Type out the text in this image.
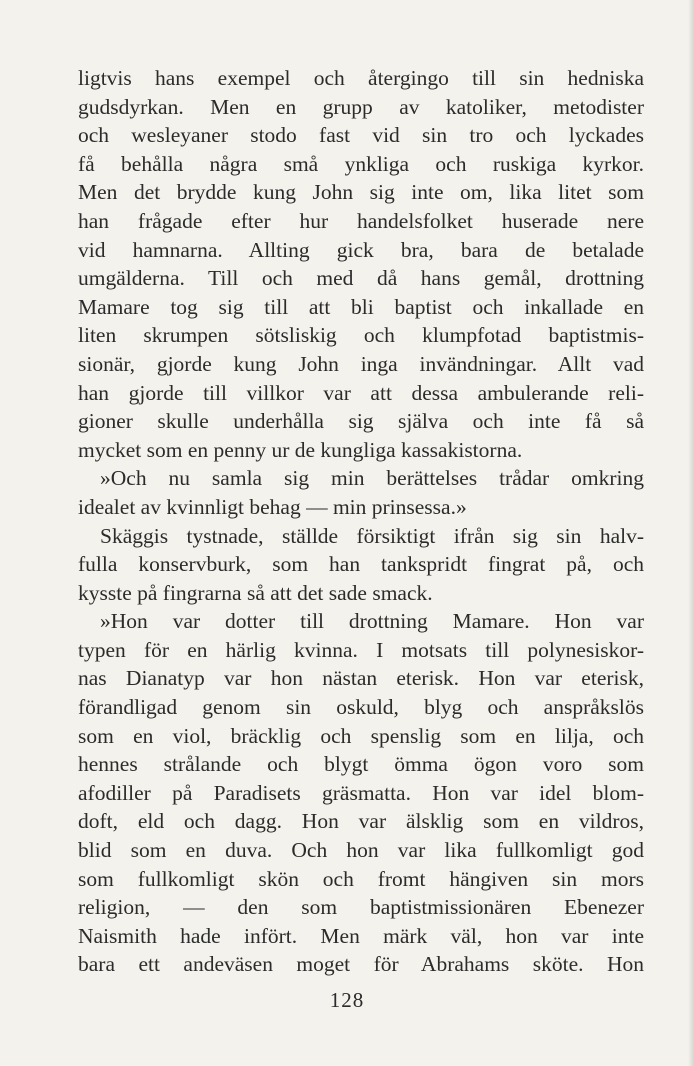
ligtvis hans exempel och återgingo till sin hedniska
gudsdyrkan. Men en grupp av katoliker, metodister
och wesleyaner stodo fast vid sin tro och lyckades
få behålla några små ynkliga och ruskiga kyrkor.
Men det brydde kung John sig inte om, lika litet som
han frågade efter hur handelsfolket huserade nere
vid hamnarna. Allting gick bra, bara de betalade
umgälderna. Till och med då hans gemål, drottning
Mamare tog sig till att bli baptist och inkallade en
liten skrumpen sötsliskig och klumpfotad baptistmis-
sionär, gjorde kung John inga invändningar. Allt vad
han gjorde till villkor var att dessa ambulerande reli-
gioner skulle underhålla sig själva och inte få så
mycket som en penny ur de kungliga kassakistorna.
»Och nu samla sig min berättelses trådar omkring
idealet av kvinnligt behag — min prinsessa.»
Skäggis tystnade, ställde försiktigt ifrån sig sin halv-
fulla konservburk, som han tankspridt fingrat på, och
kysste på fingrarna så att det sade smack.
»Hon var dotter till drottning Mamare. Hon var
typen för en härlig kvinna. I motsats till polynesiskor-
nas Dianatyp var hon nästan eterisk. Hon var eterisk,
förandligad genom sin oskuld, blyg och anspråkslös
som en viol, bräcklig och spenslig som en lilja, och
hennes strålande och blygt ömma ögon voro som
afodiller på Paradisets gräsmatta. Hon var idel blom-
doft, eld och dagg. Hon var älsklig som en vildros,
blid som en duva. Och hon var lika fullkomligt god
som fullkomligt skön och fromt hängiven sin mors
religion, — den som baptistmissionären Ebenezer
Naismith hade infört. Men märk väl, hon var inte
bara ett andeväsen moget för Abrahams sköte. Hon
128
